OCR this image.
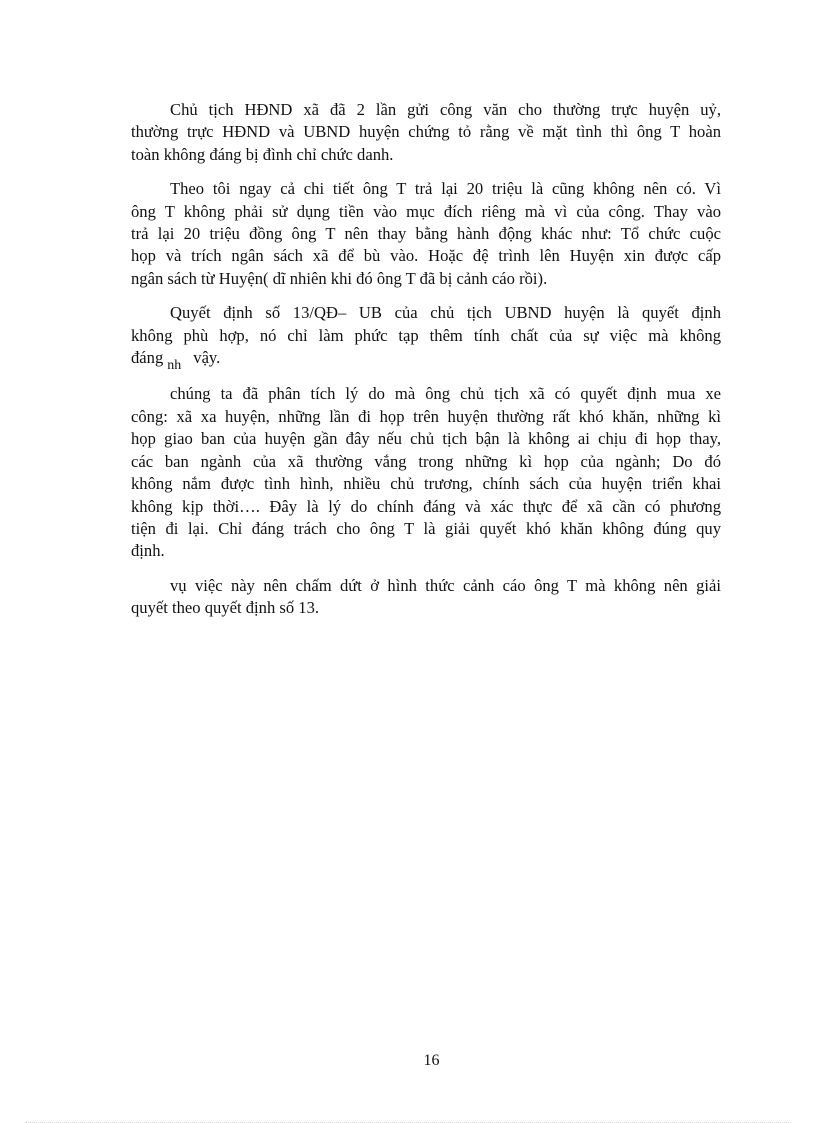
Chủ tịch HĐND xã đã 2 lần gửi công văn cho thường trực huyện uỷ,
thường trực HĐND và UBND huyện chứng tỏ rằng về mặt tình thì ông T hoàn
toàn không đáng bị đình chỉ chức danh.

Theo tôi ngay cả chi tiết ông T trả lại 20 triệu là cũng không nên có. Vì
ông T không phải sử dụng tiền vào mục đích riêng mà vì của công. Thay vào
trả lại 20 triệu đồng ông T nên thay bằng hành động khác như: Tổ chức cuộc
họp và trích ngân sách xã để bù vào. Hoặc đệ trình lên Huyện xin được cấp
ngân sách từ Huyện( dĩ nhiên khi đó ông T đã bị cảnh cáo rồi).

Quyết định số 13/QĐ– UB của chủ tịch UBND huyện là quyết định
không phù hợp, nó chỉ làm phức tạp thêm tính chất của sự việc mà không
đáng $_{nh}$ vậy.

chúng ta đã phân tích lý do mà ông chủ tịch xã có quyết định mua xe
công: xã xa huyện, những lần đi họp trên huyện thường rất khó khăn, những kì
họp giao ban của huyện gần đây nếu chủ tịch bận là không ai chịu đi họp thay,
các ban ngành của xã thường vắng trong những kì họp của ngành; Do đó
không nắm được tình hình, nhiều chủ trương, chính sách của huyện triển khai
không kịp thời…. Đây là lý do chính đáng và xác thực để xã cần có phương
tiện đi lại. Chỉ đáng trách cho ông T là giải quyết khó khăn không đúng quy
định.

vụ việc này nên chấm dứt ở hình thức cảnh cáo ông T mà không nên giải
quyết theo quyết định số 13.

16
